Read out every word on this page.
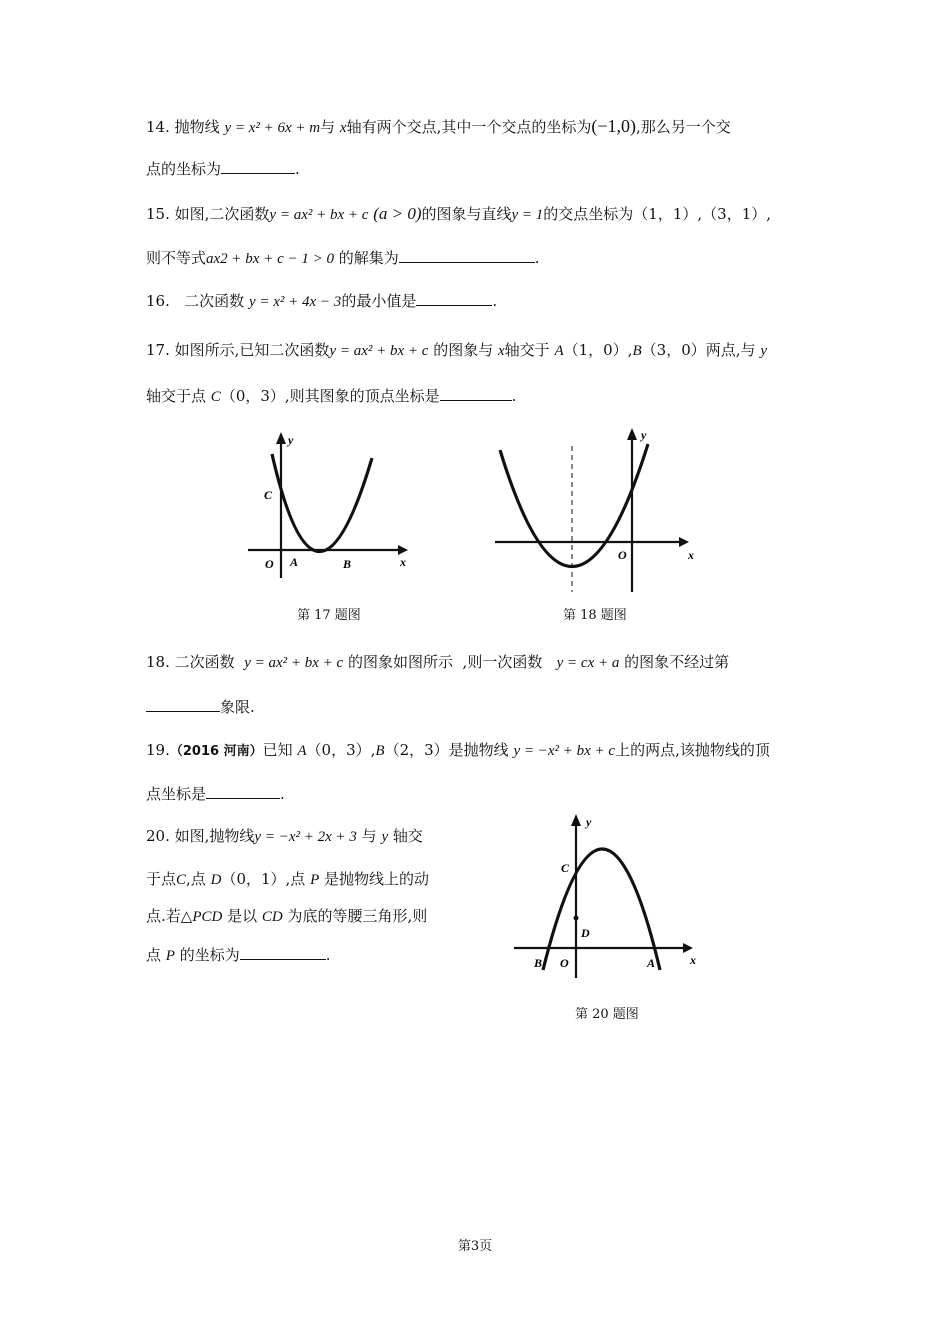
14. 抛物线 y = x² + 6x + m与 x轴有两个交点,其中一个交点的坐标为(−1,0),那么另一个交
点的坐标为	.
15. 如图,二次函数y = ax² + bx + c (a > 0)的图象与直线y = 1的交点坐标为（1，1）,（3，1）,
则不等式ax2 + bx + c − 1 > 0 的解集为	.
16. 二次函数 y = x² + 4x − 3的最小值是	.
17. 如图所示,已知二次函数y = ax² + bx + c 的图象与 x轴交于 A（1，0）,B（3，0）两点,与 y
轴交于点 C（0，3）,则其图象的顶点坐标是	.
y
x
C
O A	B
第 17 题图
y
x
O
第 18 题图
18. 二次函数 y = ax² + bx + c 的图象如图所示 ,则一次函数 y = cx + a 的图象不经过第
象限.
19.（2016 河南）已知 A（0，3）,B（2，3）是抛物线 y = −x² + bx + c上的两点,该抛物线的顶
点坐标是	.
20. 如图,抛物线y = −x² + 2x + 3 与 y 轴交
于点C,点 D（0，1）,点 P 是抛物线上的动
点.若△PCD 是以 CD 为底的等腰三角形,则
点 P 的坐标为	.
y
x
C
D
B O	A
第 20 题图
第3页
